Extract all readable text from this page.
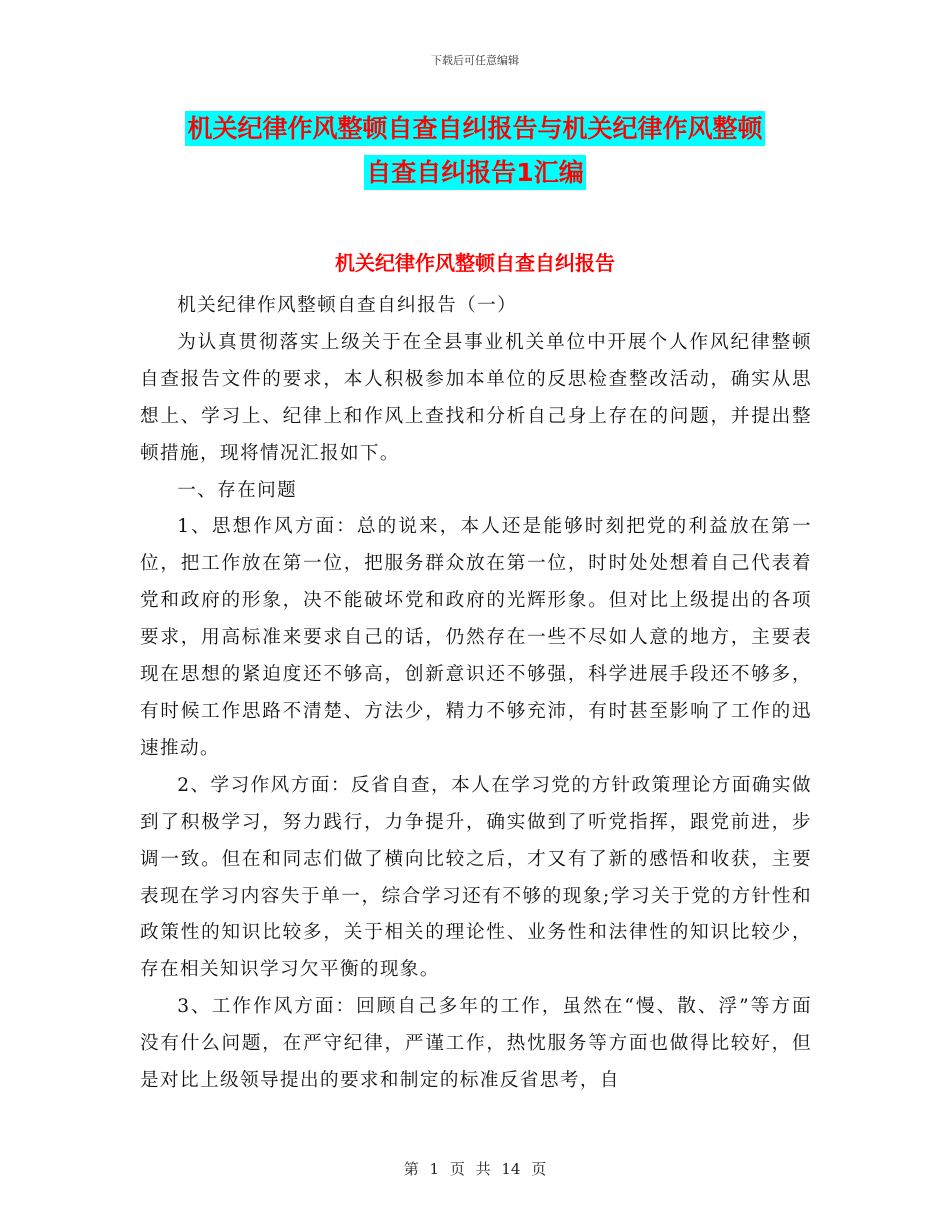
下载后可任意编辑
机关纪律作风整顿自查自纠报告与机关纪律作风整顿
自查自纠报告1汇编
机关纪律作风整顿自查自纠报告

机关纪律作风整顿自查自纠报告（一）

为认真贯彻落实上级关于在全县事业机关单位中开展个人作风纪律整顿自查报告文件的要求，本人积极参加本单位的反思检查整改活动，确实从思想上、学习上、纪律上和作风上查找和分析自己身上存在的问题，并提出整顿措施，现将情况汇报如下。

一、存在问题

1、思想作风方面：总的说来，本人还是能够时刻把党的利益放在第一位，把工作放在第一位，把服务群众放在第一位，时时处处想着自己代表着党和政府的形象，决不能破坏党和政府的光辉形象。但对比上级提出的各项要求，用高标准来要求自己的话，仍然存在一些不尽如人意的地方，主要表现在思想的紧迫度还不够高，创新意识还不够强，科学进展手段还不够多，有时候工作思路不清楚、方法少，精力不够充沛，有时甚至影响了工作的迅速推动。

2、学习作风方面：反省自查，本人在学习党的方针政策理论方面确实做到了积极学习，努力践行，力争提升，确实做到了听党指挥，跟党前进，步调一致。但在和同志们做了横向比较之后，才又有了新的感悟和收获，主要表现在学习内容失于单一，综合学习还有不够的现象;学习关于党的方针性和政策性的知识比较多，关于相关的理论性、业务性和法律性的知识比较少，存在相关知识学习欠平衡的现象。

3、工作作风方面：回顾自己多年的工作，虽然在“慢、散、浮”等方面没有什么问题，在严守纪律，严谨工作，热忱服务等方面也做得比较好，但是对比上级领导提出的要求和制定的标准反省思考，自

第 1 页 共 14 页
